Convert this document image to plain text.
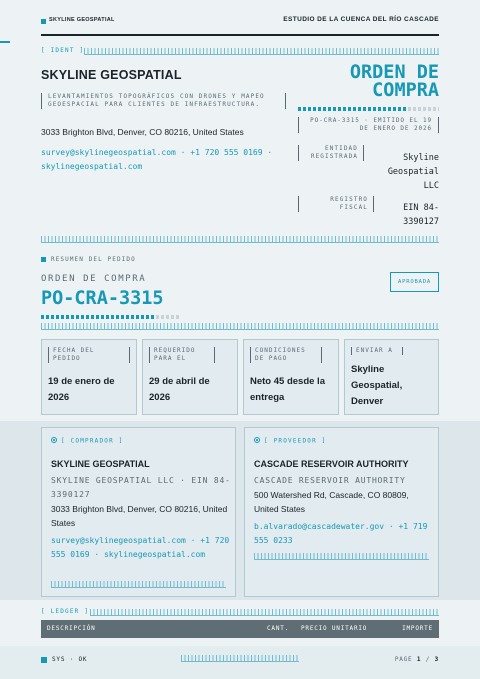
SKYLINE GEOSPATIAL	ESTUDIO DE LA CUENCA DEL RÍO CASCADE
[ IDENT ]
SKYLINE GEOSPATIAL
LEVANTAMIENTOS TOPOGRÁFICOS CON DRONES Y MAPEO GEOESPACIAL PARA CLIENTES DE INFRAESTRUCTURA.
3033 Brighton Blvd, Denver, CO 80216, United States
survey@skylinegeospatial.com · +1 720 555 0169 · skylinegeospatial.com
ORDEN DE
COMPRA
PO-CRA-3315 · EMITIDO EL 19 DE ENERO DE 2026
ENTIDAD REGISTRADA	Skyline Geospatial LLC
REGISTRO FISCAL	EIN 84-3390127
RESUMEN DEL PEDIDO
ORDEN DE COMPRA
PO-CRA-3315
APROBADA
FECHA DEL PEDIDO
19 de enero de 2026
REQUERIDO PARA EL
29 de abril de 2026
CONDICIONES DE PAGO
Neto 45 desde la entrega
ENVIAR A
Skyline Geospatial, Denver
[ COMPRADOR ]
SKYLINE GEOSPATIAL
SKYLINE GEOSPATIAL LLC · EIN 84-3390127
3033 Brighton Blvd, Denver, CO 80216, United States
survey@skylinegeospatial.com · +1 720 555 0169 · skylinegeospatial.com
[ PROVEEDOR ]
CASCADE RESERVOIR AUTHORITY
CASCADE RESERVOIR AUTHORITY
500 Watershed Rd, Cascade, CO 80809, United States
b.alvarado@cascadewater.gov · +1 719 555 0233
[ LEDGER ]
DESCRIPCIÓN	CANT. PRECIO UNITARIO	IMPORTE
SYS · OK	PAGE 1 / 3
